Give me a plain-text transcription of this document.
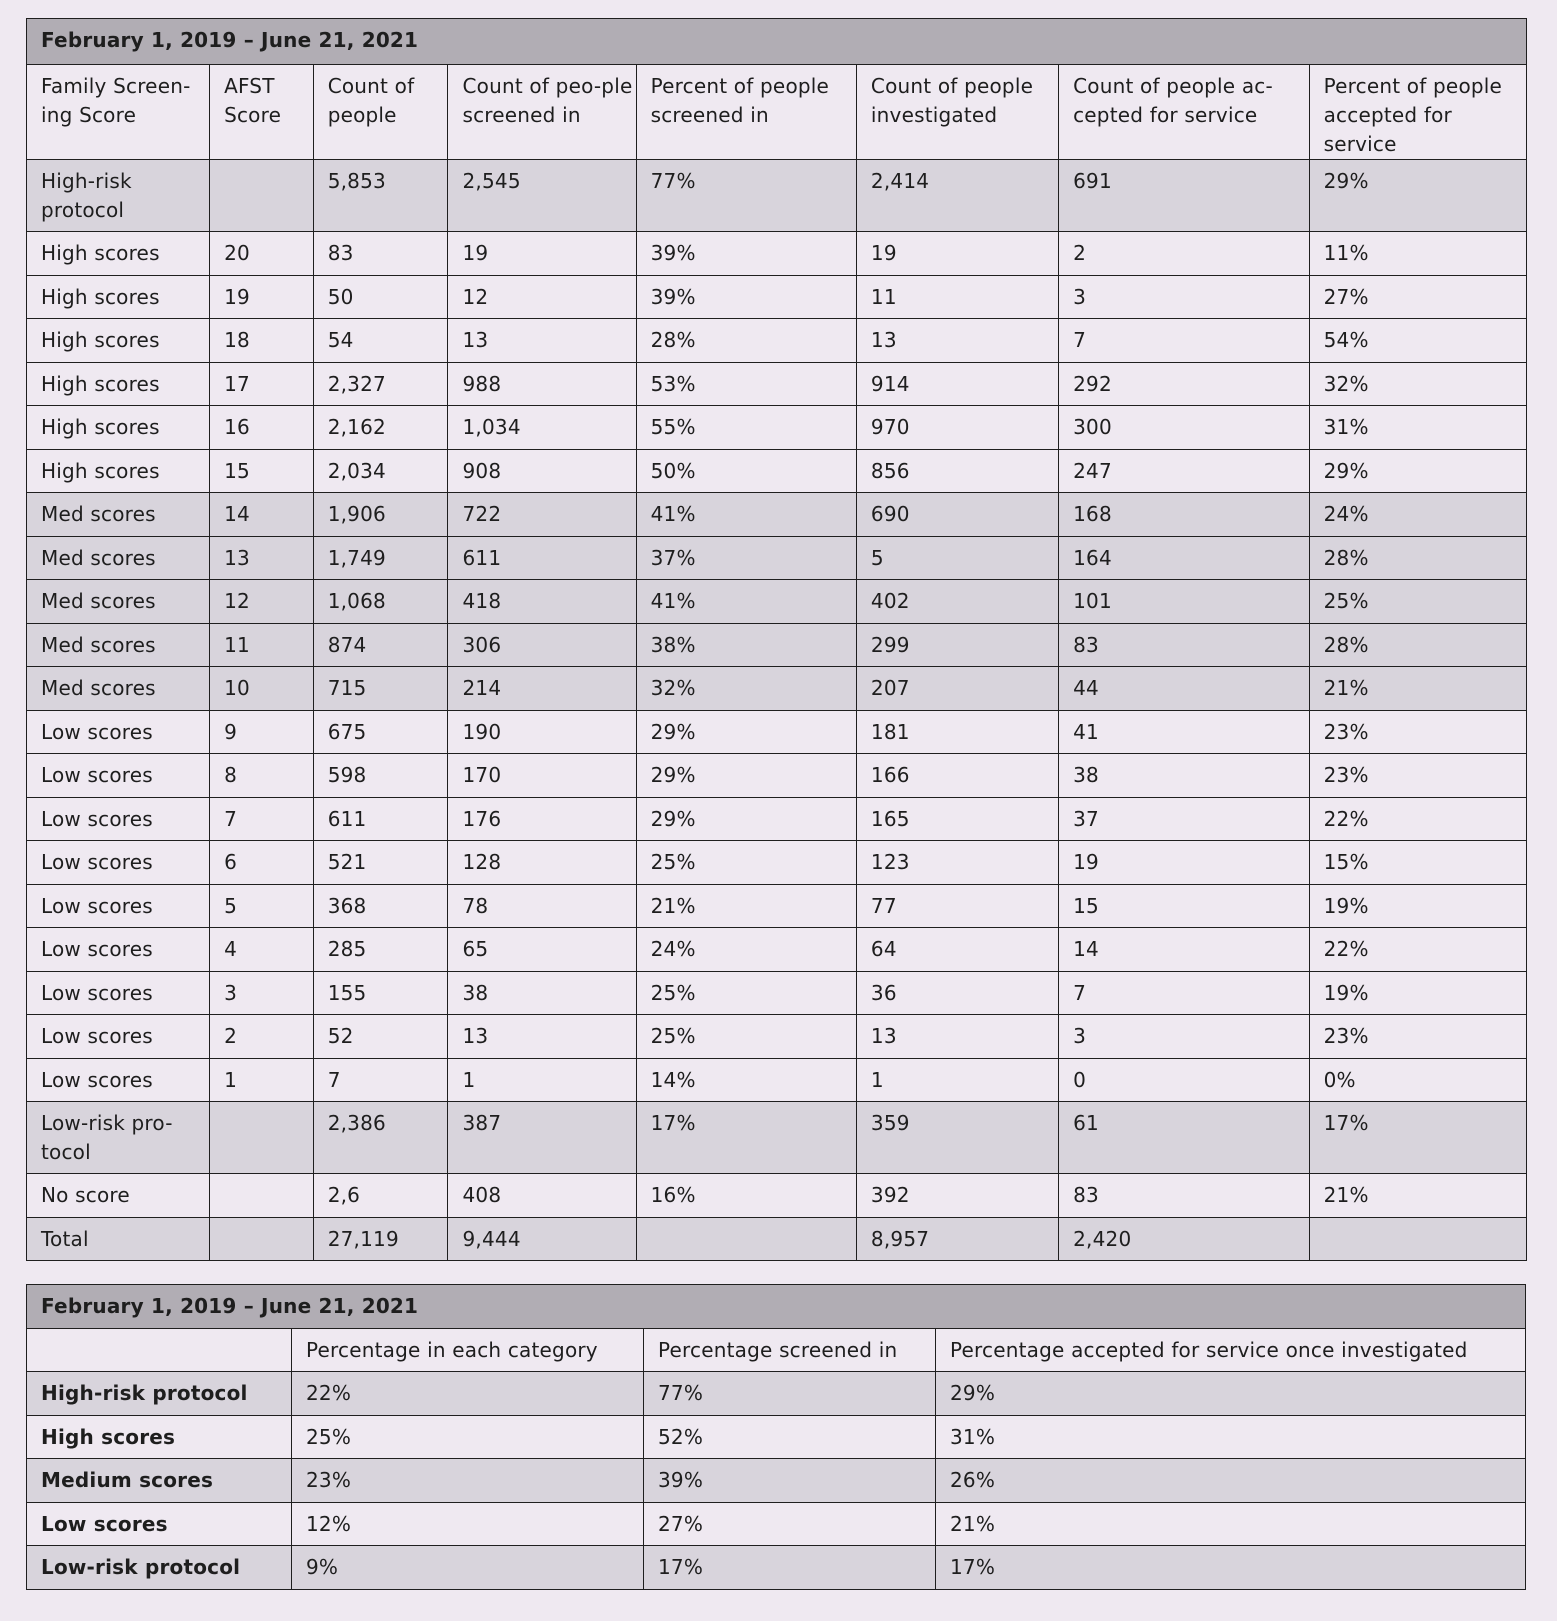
February 1, 2019 – June 21, 2021							
Family Screen-ing Score	AFST Score	Count of people	Count of peo-ple screened in	Percent of people screened in	Count of people investigated	Count of people ac-cepted for service	Percent of people accepted for service
High-risk protocol		5,853	2,545	77%	2,414	691	29%
High scores	20	83	19	39%	19	2	11%
High scores	19	50	12	39%	11	3	27%
High scores	18	54	13	28%	13	7	54%
High scores	17	2,327	988	53%	914	292	32%
High scores	16	2,162	1,034	55%	970	300	31%
High scores	15	2,034	908	50%	856	247	29%
Med scores	14	1,906	722	41%	690	168	24%
Med scores	13	1,749	611	37%	5	164	28%
Med scores	12	1,068	418	41%	402	101	25%
Med scores	11	874	306	38%	299	83	28%
Med scores	10	715	214	32%	207	44	21%
Low scores	9	675	190	29%	181	41	23%
Low scores	8	598	170	29%	166	38	23%
Low scores	7	611	176	29%	165	37	22%
Low scores	6	521	128	25%	123	19	15%
Low scores	5	368	78	21%	77	15	19%
Low scores	4	285	65	24%	64	14	22%
Low scores	3	155	38	25%	36	7	19%
Low scores	2	52	13	25%	13	3	23%
Low scores	1	7	1	14%	1	0	0%
Low-risk pro-tocol		2,386	387	17%	359	61	17%
No score		2,6	408	16%	392	83	21%
Total		27,119	9,444		8,957	2,420	
February 1, 2019 – June 21, 2021			
	Percentage in each category	Percentage screened in	Percentage accepted for service once investigated
High-risk protocol	22%	77%	29%
High scores	25%	52%	31%
Medium scores	23%	39%	26%
Low scores	12%	27%	21%
Low-risk protocol	9%	17%	17%
